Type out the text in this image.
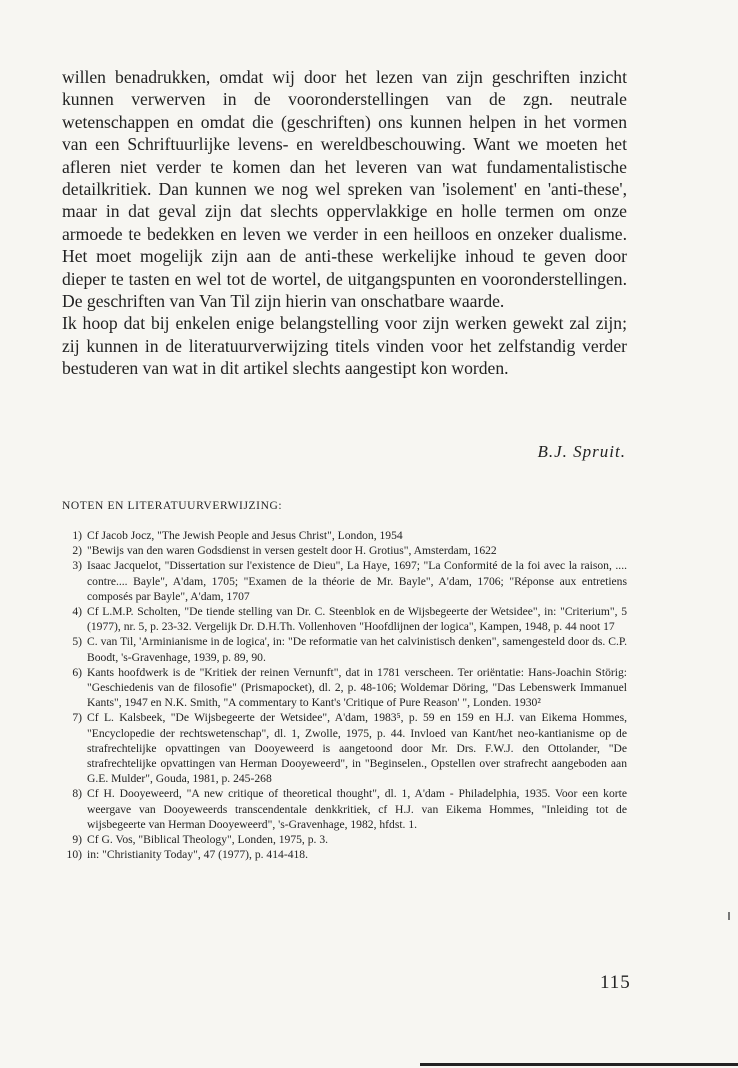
willen benadrukken, omdat wij door het lezen van zijn geschriften inzicht kunnen verwerven in de vooronderstellingen van de zgn. neutrale wetenschappen en omdat die (geschriften) ons kunnen helpen in het vormen van een Schriftuurlijke levens- en wereldbeschouwing. Want we moeten het afleren niet verder te komen dan het leveren van wat fundamentalistische detailkritiek. Dan kunnen we nog wel spreken van 'isolement' en 'anti-these', maar in dat geval zijn dat slechts oppervlakkige en holle termen om onze armoede te bedekken en leven we verder in een heilloos en onzeker dualisme. Het moet mogelijk zijn aan de anti-these werkelijke inhoud te geven door dieper te tasten en wel tot de wortel, de uitgangspunten en vooronderstellingen. De geschriften van Van Til zijn hierin van onschatbare waarde.

Ik hoop dat bij enkelen enige belangstelling voor zijn werken gewekt zal zijn; zij kunnen in de literatuurverwijzing titels vinden voor het zelfstandig verder bestuderen van wat in dit artikel slechts aangestipt kon worden.

B.J. Spruit.
NOTEN EN LITERATUURVERWIJZING:
1) Cf Jacob Jocz, "The Jewish People and Jesus Christ", London, 1954
2) "Bewijs van den waren Godsdienst in versen gestelt door H. Grotius", Amsterdam, 1622
3) Isaac Jacquelot, "Dissertation sur l'existence de Dieu", La Haye, 1697; "La Conformité de la foi avec la raison, .... contre.... Bayle", A'dam, 1705; "Examen de la théorie de Mr. Bayle", A'dam, 1706; "Réponse aux entretiens composés par Bayle", A'dam, 1707
4) Cf L.M.P. Scholten, "De tiende stelling van Dr. C. Steenblok en de Wijsbegeerte der Wetsidee", in: "Criterium", 5 (1977), nr. 5, p. 23-32. Vergelijk Dr. D.H.Th. Vollenhoven "Hoofdlijnen der logica", Kampen, 1948, p. 44 noot 17
5) C. van Til, 'Arminianisme in de logica', in: "De reformatie van het calvinistisch denken", samengesteld door ds. C.P. Boodt, 's-Gravenhage, 1939, p. 89, 90.
6) Kants hoofdwerk is de "Kritiek der reinen Vernunft", dat in 1781 verscheen. Ter oriëntatie: Hans-Joachin Störig: "Geschiedenis van de filosofie" (Prismapocket), dl. 2, p. 48-106; Woldemar Döring, "Das Lebenswerk Immanuel Kants", 1947 en N.K. Smith, "A commentary to Kant's 'Critique of Pure Reason' ", Londen. 1930²
7) Cf L. Kalsbeek, "De Wijsbegeerte der Wetsidee", A'dam, 1983⁵, p. 59 en 159 en H.J. van Eikema Hommes, "Encyclopedie der rechtswetenschap", dl. 1, Zwolle, 1975, p. 44. Invloed van Kant/het neo-kantianisme op de strafrechtelijke opvattingen van Dooyeweerd is aangetoond door Mr. Drs. F.W.J. den Ottolander, "De strafrechtelijke opvattingen van Herman Dooyeweerd", in "Beginselen., Opstellen over strafrecht aangeboden aan G.E. Mulder", Gouda, 1981, p. 245-268
8) Cf H. Dooyeweerd, "A new critique of theoretical thought", dl. 1, A'dam - Philadelphia, 1935. Voor een korte weergave van Dooyeweerds transcendentale denkkritiek, cf H.J. van Eikema Hommes, "Inleiding tot de wijsbegeerte van Herman Dooyeweerd", 's-Gravenhage, 1982, hfdst. 1.
9) Cf G. Vos, "Biblical Theology", Londen, 1975, p. 3.
10) in: "Christianity Today", 47 (1977), p. 414-418.
115
